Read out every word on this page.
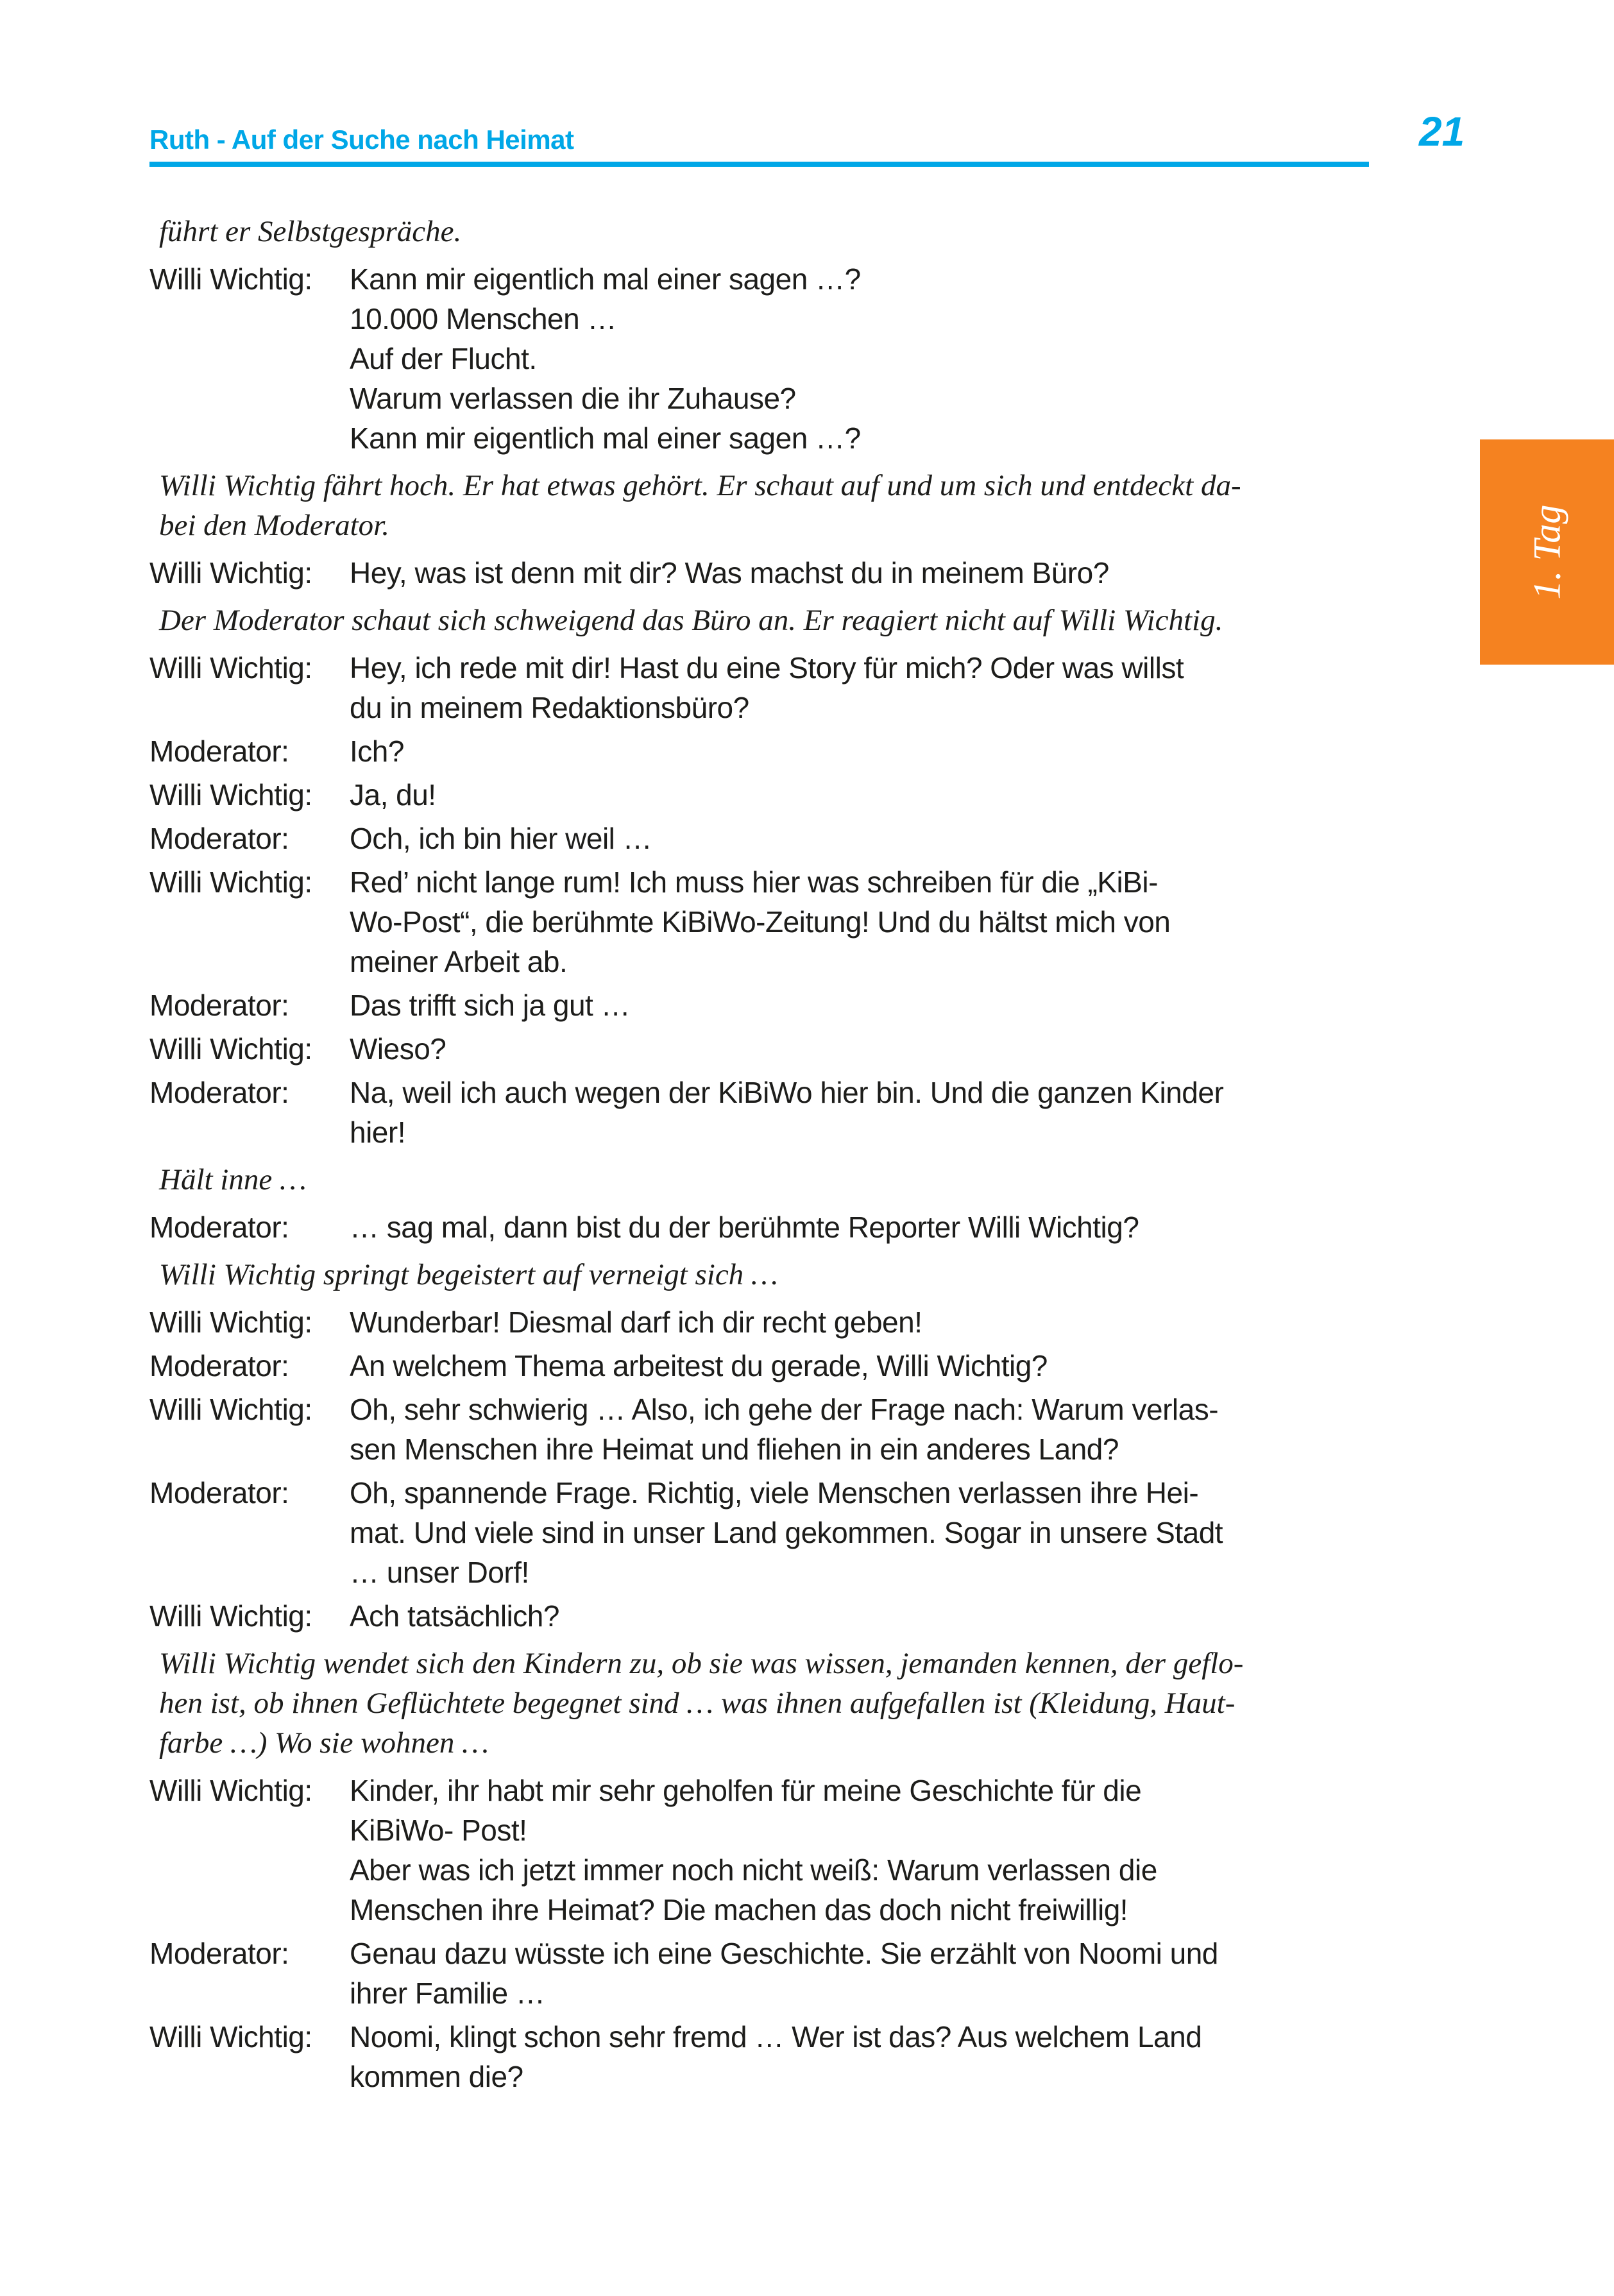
Ruth - Auf der Suche nach Heimat	21
1. Tag
führt er Selbstgespräche.
Willi Wichtig:	Kann mir eigentlich mal einer sagen …?
10.000 Menschen …
Auf der Flucht.
Warum verlassen die ihr Zuhause?
Kann mir eigentlich mal einer sagen …?
Willi Wichtig fährt hoch. Er hat etwas gehört. Er schaut auf und um sich und entdeckt da-
bei den Moderator.
Willi Wichtig:	Hey, was ist denn mit dir? Was machst du in meinem Büro?
Der Moderator schaut sich schweigend das Büro an. Er reagiert nicht auf Willi Wichtig.
Willi Wichtig:	Hey, ich rede mit dir! Hast du eine Story für mich? Oder was willst
du in meinem Redaktionsbüro?
Moderator:	Ich?
Willi Wichtig:	Ja, du!
Moderator:	Och, ich bin hier weil …
Willi Wichtig:	Red’ nicht lange rum! Ich muss hier was schreiben für die „KiBi-
Wo-Post“, die berühmte KiBiWo-Zeitung! Und du hältst mich von
meiner Arbeit ab.
Moderator:	Das trifft sich ja gut …
Willi Wichtig:	Wieso?
Moderator:	Na, weil ich auch wegen der KiBiWo hier bin. Und die ganzen Kinder
hier!
Hält inne …
Moderator:	… sag mal, dann bist du der berühmte Reporter Willi Wichtig?
Willi Wichtig springt begeistert auf verneigt sich …
Willi Wichtig:	Wunderbar! Diesmal darf ich dir recht geben!
Moderator:	An welchem Thema arbeitest du gerade, Willi Wichtig?
Willi Wichtig:	Oh, sehr schwierig … Also, ich gehe der Frage nach: Warum verlas-
sen Menschen ihre Heimat und fliehen in ein anderes Land?
Moderator:	Oh, spannende Frage. Richtig, viele Menschen verlassen ihre Hei-
mat. Und viele sind in unser Land gekommen. Sogar in unsere Stadt
… unser Dorf!
Willi Wichtig:	Ach tatsächlich?
Willi Wichtig wendet sich den Kindern zu, ob sie was wissen, jemanden kennen, der geflo-
hen ist, ob ihnen Geflüchtete begegnet sind … was ihnen aufgefallen ist (Kleidung, Haut-
farbe …) Wo sie wohnen …
Willi Wichtig:	Kinder, ihr habt mir sehr geholfen für meine Geschichte für die
KiBiWo- Post!
Aber was ich jetzt immer noch nicht weiß: Warum verlassen die
Menschen ihre Heimat? Die machen das doch nicht freiwillig!
Moderator:	Genau dazu wüsste ich eine Geschichte. Sie erzählt von Noomi und
ihrer Familie …
Willi Wichtig:	Noomi, klingt schon sehr fremd … Wer ist das? Aus welchem Land
kommen die?
